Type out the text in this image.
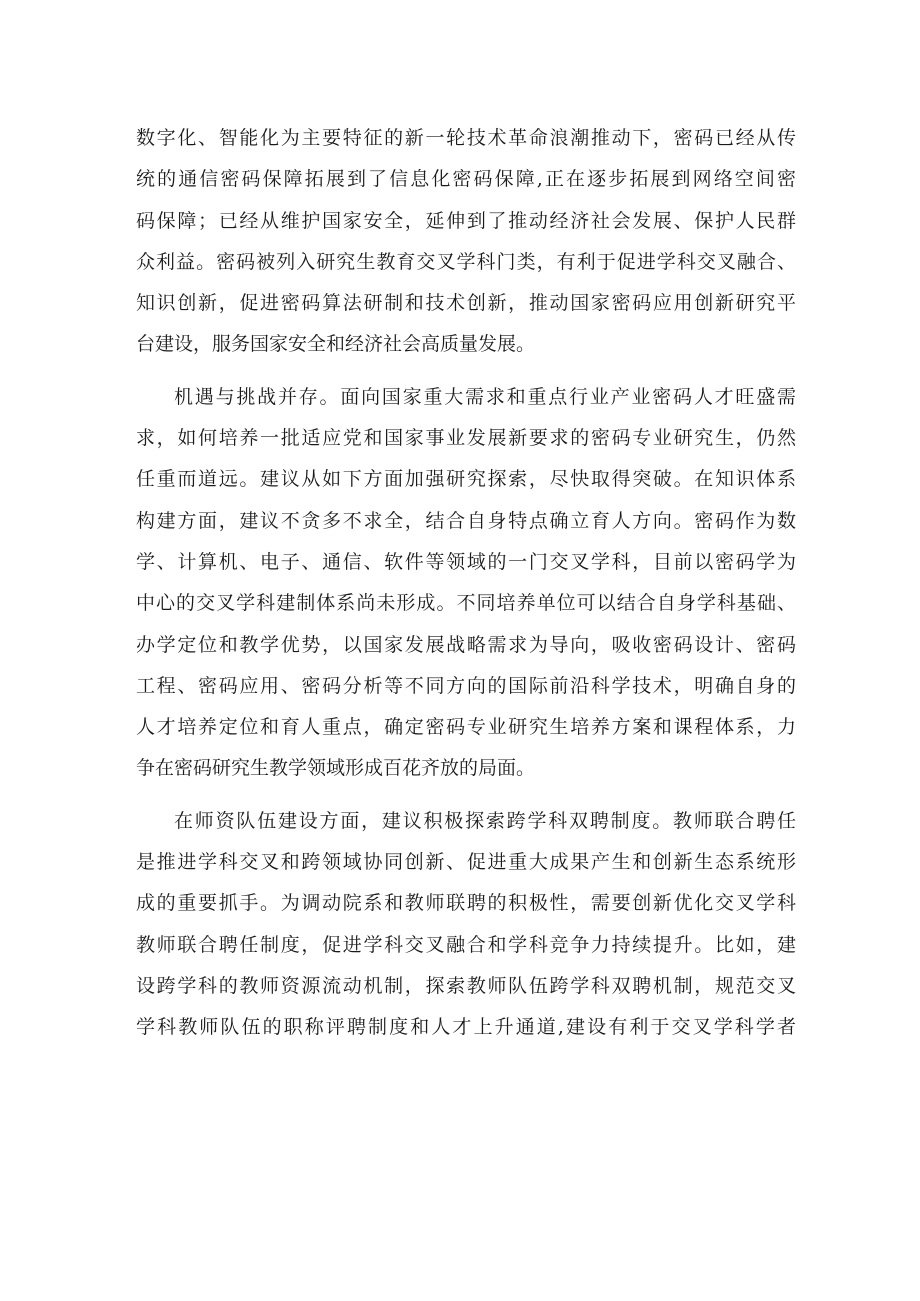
数字化、智能化为主要特征的新一轮技术革命浪潮推动下，密码已经从传
统的通信密码保障拓展到了信息化密码保障,正在逐步拓展到网络空间密
码保障；已经从维护国家安全，延伸到了推动经济社会发展、保护人民群
众利益。密码被列入研究生教育交叉学科门类，有利于促进学科交叉融合、
知识创新，促进密码算法研制和技术创新，推动国家密码应用创新研究平
台建设，服务国家安全和经济社会高质量发展。
机遇与挑战并存。面向国家重大需求和重点行业产业密码人才旺盛需
求，如何培养一批适应党和国家事业发展新要求的密码专业研究生，仍然
任重而道远。建议从如下方面加强研究探索，尽快取得突破。在知识体系
构建方面，建议不贪多不求全，结合自身特点确立育人方向。密码作为数
学、计算机、电子、通信、软件等领域的一门交叉学科，目前以密码学为
中心的交叉学科建制体系尚未形成。不同培养单位可以结合自身学科基础、
办学定位和教学优势，以国家发展战略需求为导向，吸收密码设计、密码
工程、密码应用、密码分析等不同方向的国际前沿科学技术，明确自身的
人才培养定位和育人重点，确定密码专业研究生培养方案和课程体系，力
争在密码研究生教学领域形成百花齐放的局面。
在师资队伍建设方面，建议积极探索跨学科双聘制度。教师联合聘任
是推进学科交叉和跨领域协同创新、促进重大成果产生和创新生态系统形
成的重要抓手。为调动院系和教师联聘的积极性，需要创新优化交叉学科
教师联合聘任制度，促进学科交叉融合和学科竞争力持续提升。比如，建
设跨学科的教师资源流动机制，探索教师队伍跨学科双聘机制，规范交叉
学科教师队伍的职称评聘制度和人才上升通道,建设有利于交叉学科学者
